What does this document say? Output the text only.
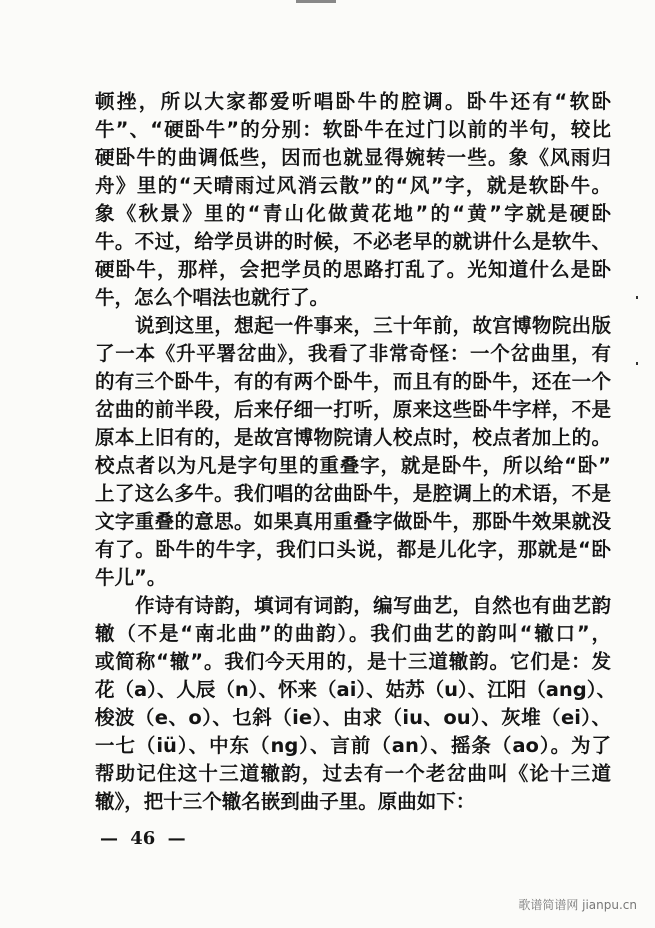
顿挫，所以大家都爱听唱卧牛的腔调。卧牛还有“软卧
牛”、“硬卧牛”的分别：软卧牛在过门以前的半句，较比
硬卧牛的曲调低些，因而也就显得婉转一些。象《风雨归
舟》里的“天晴雨过风消云散”的“风”字，就是软卧牛。
象《秋景》里的“青山化做黄花地”的“黄”字就是硬卧
牛。不过，给学员讲的时候，不必老早的就讲什么是软牛、
硬卧牛，那样，会把学员的思路打乱了。光知道什么是卧
牛，怎么个唱法也就行了。
说到这里，想起一件事来，三十年前，故宫博物院出版
了一本《升平署岔曲》，我看了非常奇怪：一个岔曲里，有
的有三个卧牛，有的有两个卧牛，而且有的卧牛，还在一个
岔曲的前半段，后来仔细一打听，原来这些卧牛字样，不是
原本上旧有的，是故宫博物院请人校点时，校点者加上的。
校点者以为凡是字句里的重叠字，就是卧牛，所以给“卧”
上了这么多牛。我们唱的岔曲卧牛，是腔调上的术语，不是
文字重叠的意思。如果真用重叠字做卧牛，那卧牛效果就没
有了。卧牛的牛字，我们口头说，都是儿化字，那就是“卧
牛儿”。
作诗有诗韵，填词有词韵，编写曲艺，自然也有曲艺韵
辙（不是“南北曲”的曲韵）。我们曲艺的韵叫“辙口”，
或简称“辙”。我们今天用的，是十三道辙韵。它们是：发
花（a）、人辰（n）、怀来（ai）、姑苏（u）、江阳（ang）、
梭波（e、o）、乜斜（ie）、由求（iu、ou）、灰堆（ei）、
一七（iü）、中东（ng）、言前（an）、摇条（ao）。为了
帮助记住这十三道辙韵，过去有一个老岔曲叫《论十三道
辙》，把十三个辙名嵌到曲子里。原曲如下：
— 46 —
歌谱简谱网 jianpu.cn
